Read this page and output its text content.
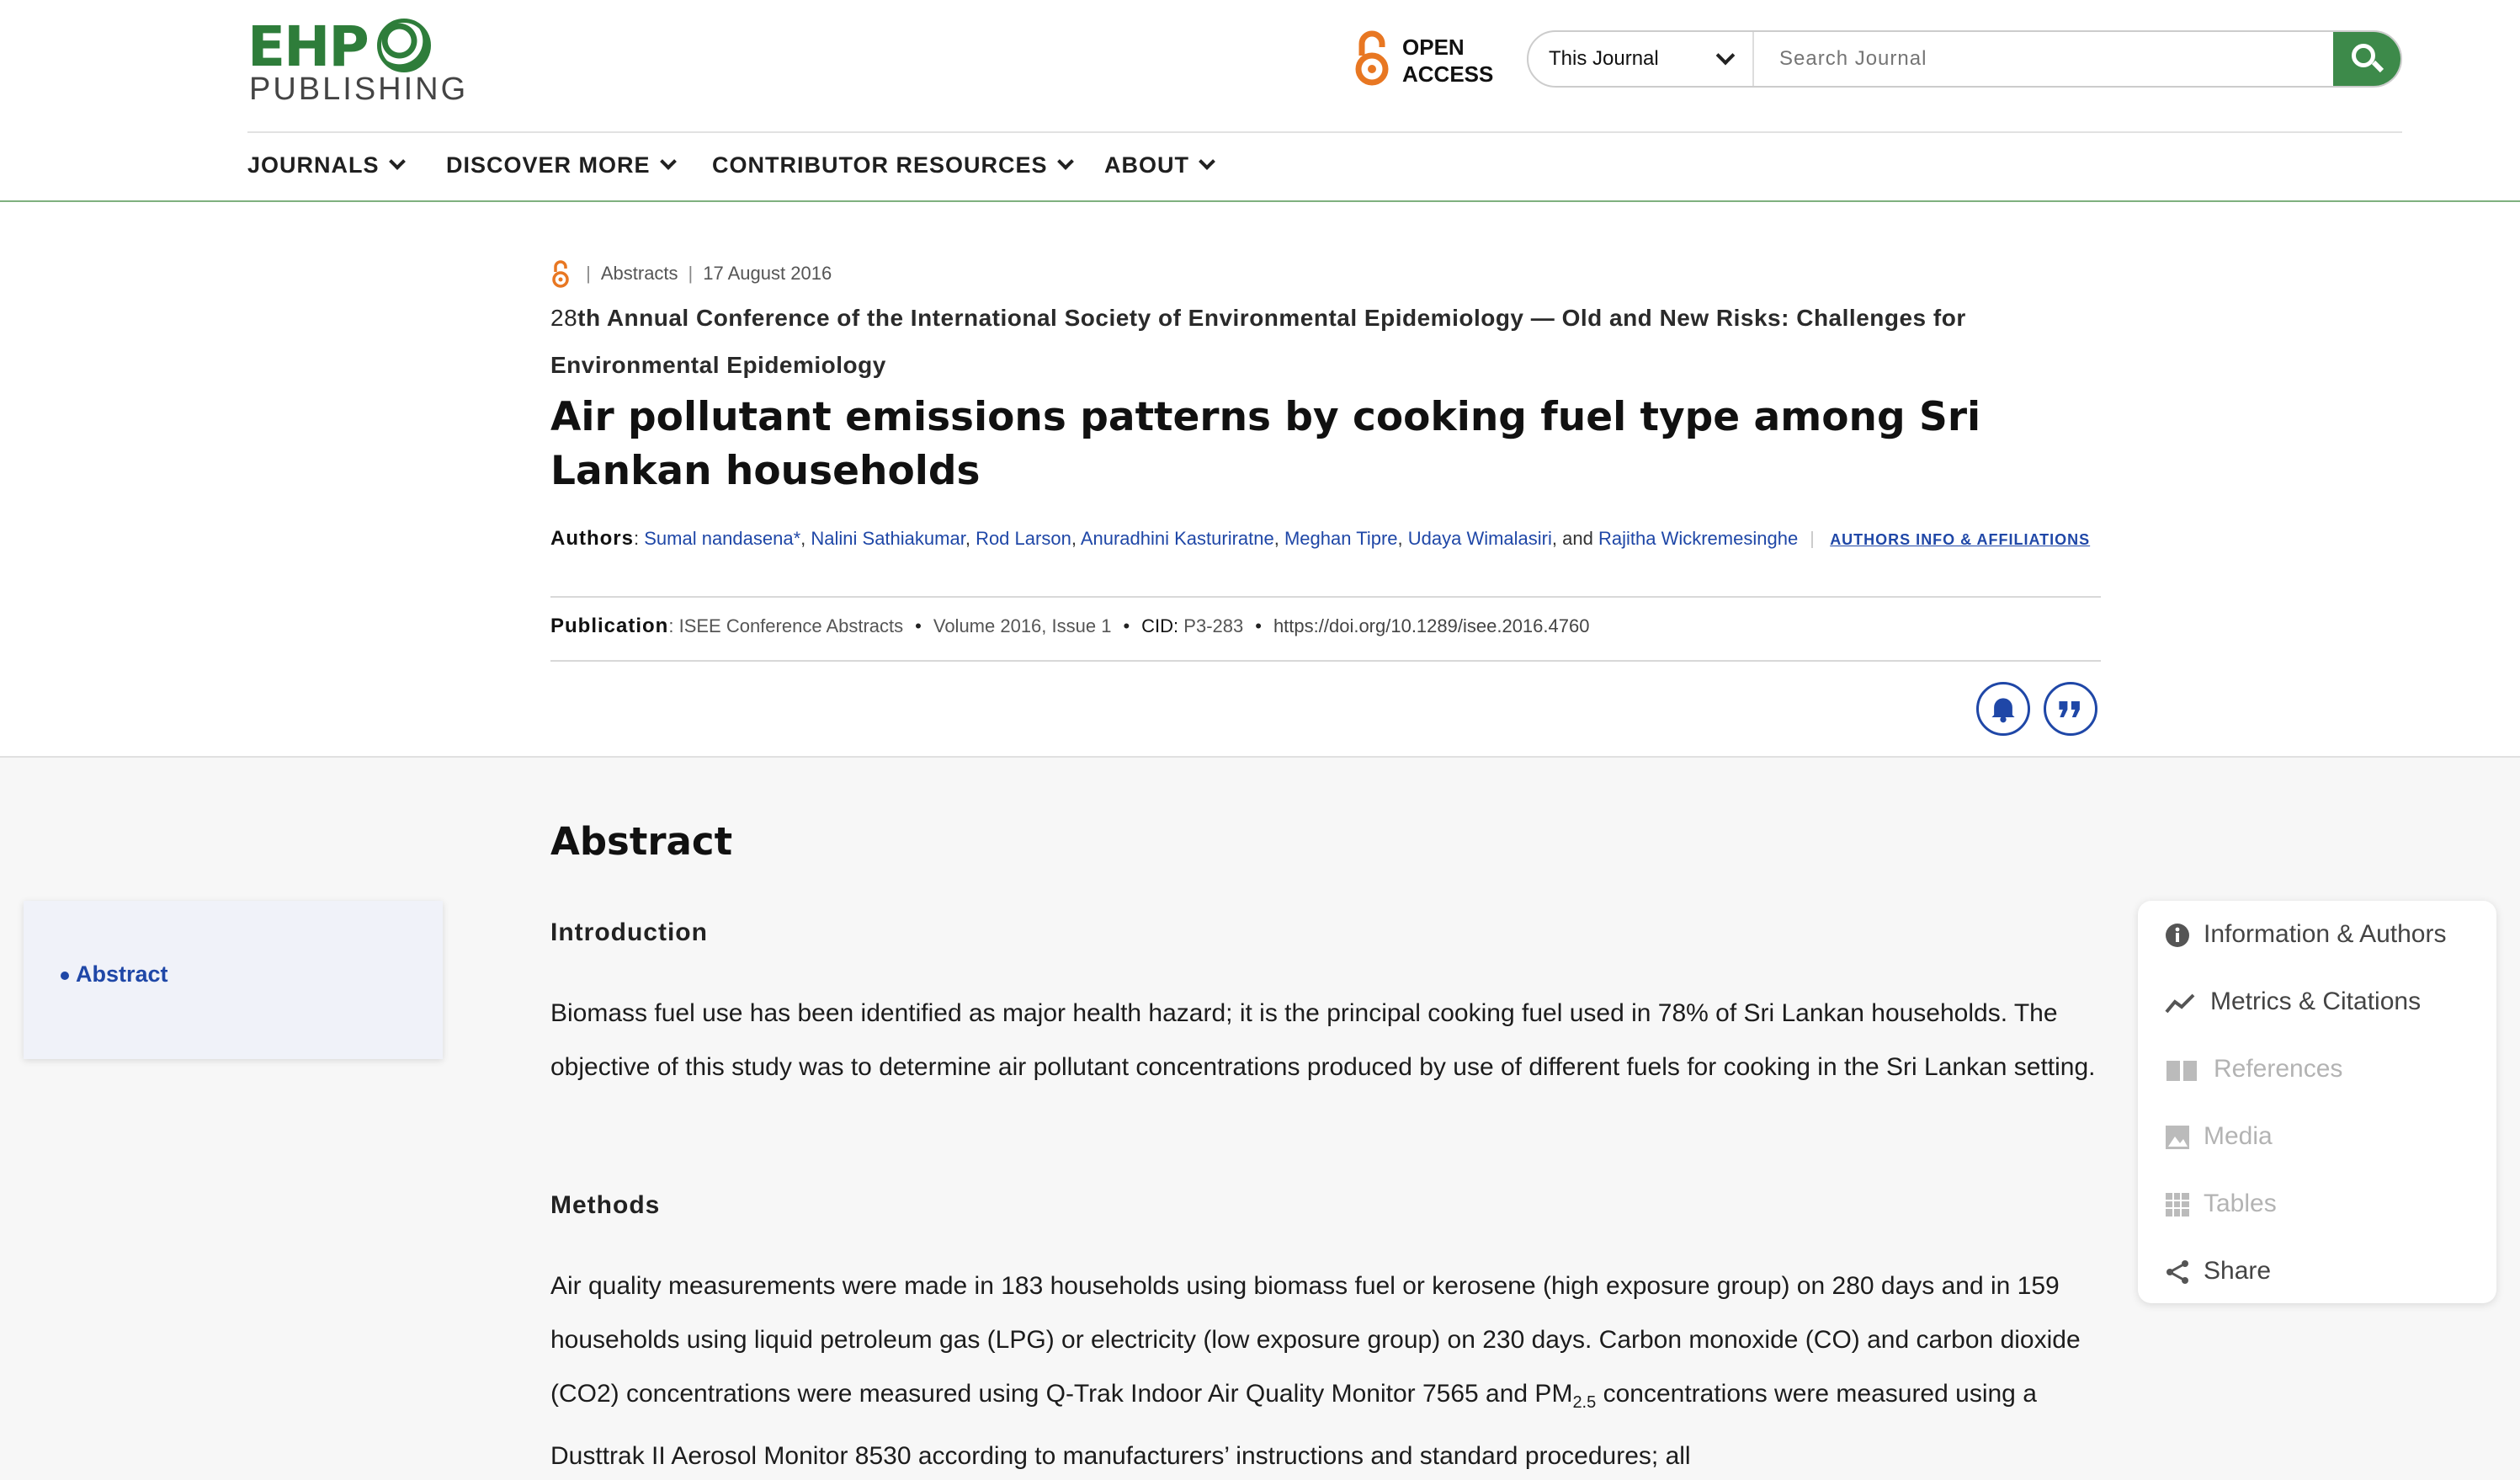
EHP
PUBLISHING
OPEN
ACCESS
This Journal
Search Journal
JOURNALS	DISCOVER MORE	CONTRIBUTOR RESOURCES	ABOUT
| Abstracts | 17 August 2016
28th Annual Conference of the International Society of Environmental Epidemiology — Old and New Risks: Challenges for Environmental Epidemiology
Air pollutant emissions patterns by cooking fuel type among Sri Lankan households
Authors: Sumal nandasena*, Nalini Sathiakumar, Rod Larson, Anuradhini Kasturiratne, Meghan Tipre, Udaya Wimalasiri, and Rajitha Wickremesinghe AUTHORS INFO & AFFILIATIONS
Publication: ISEE Conference Abstracts • Volume 2016, Issue 1 • CID: P3-283 • https://doi.org/10.1289/isee.2016.4760
Abstract
Abstract
Introduction

Biomass fuel use has been identified as major health hazard; it is the principal cooking fuel used in 78% of Sri Lankan households. The objective of this study was to determine air pollutant concentrations produced by use of different fuels for cooking in the Sri Lankan setting.

Methods

Air quality measurements were made in 183 households using biomass fuel or kerosene (high exposure group) on 280 days and in 159 households using liquid petroleum gas (LPG) or electricity (low exposure group) on 230 days. Carbon monoxide (CO) and carbon dioxide (CO2) concentrations were measured using Q-Trak Indoor Air Quality Monitor 7565 and $PM_{2.5}$ concentrations were measured using a Dusttrak II Aerosol Monitor 8530 according to manufacturers’ instructions and standard procedures; all

Information & Authors
Metrics & Citations
References
Media
Tables
Share
